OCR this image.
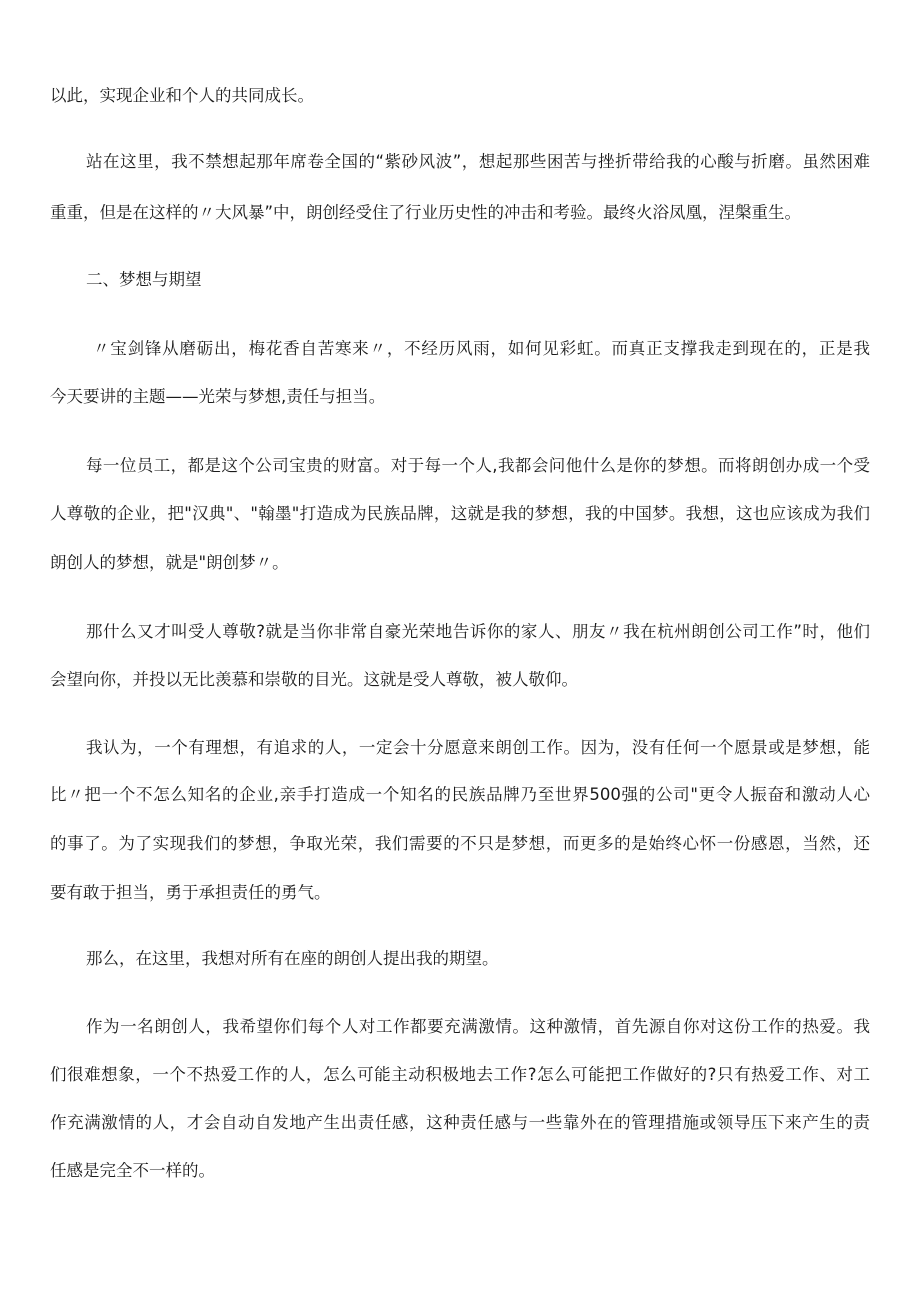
以此，实现企业和个人的共同成长。
站在这里，我不禁想起那年席卷全国的“紫砂风波”，想起那些困苦与挫折带给我的心酸与折磨。虽然困难
重重，但是在这样的〃大风暴”中，朗创经受住了行业历史性的冲击和考验。最终火浴凤凰，涅槃重生。
二、梦想与期望
〃宝剑锋从磨砺出，梅花香自苦寒来〃，不经历风雨，如何见彩虹。而真正支撑我走到现在的，正是我
今天要讲的主题——光荣与梦想,责任与担当。
每一位员工，都是这个公司宝贵的财富。对于每一个人,我都会问他什么是你的梦想。而将朗创办成一个受
人尊敬的企业，把"汉典"、"翰墨"打造成为民族品牌，这就是我的梦想，我的中国梦。我想，这也应该成为我们
朗创人的梦想，就是"朗创梦〃。
那什么又才叫受人尊敬?就是当你非常自豪光荣地告诉你的家人、朋友〃我在杭州朗创公司工作”时，他们
会望向你，并投以无比羡慕和崇敬的目光。这就是受人尊敬，被人敬仰。
我认为，一个有理想，有追求的人，一定会十分愿意来朗创工作。因为，没有任何一个愿景或是梦想，能
比〃把一个不怎么知名的企业,亲手打造成一个知名的民族品牌乃至世界500强的公司"更令人振奋和激动人心
的事了。为了实现我们的梦想，争取光荣，我们需要的不只是梦想，而更多的是始终心怀一份感恩，当然，还
要有敢于担当，勇于承担责任的勇气。
那么，在这里，我想对所有在座的朗创人提出我的期望。
作为一名朗创人，我希望你们每个人对工作都要充满激情。这种激情，首先源自你对这份工作的热爱。我
们很难想象，一个不热爱工作的人，怎么可能主动积极地去工作?怎么可能把工作做好的?只有热爱工作、对工
作充满激情的人，才会自动自发地产生出责任感，这种责任感与一些靠外在的管理措施或领导压下来产生的责
任感是完全不一样的。
